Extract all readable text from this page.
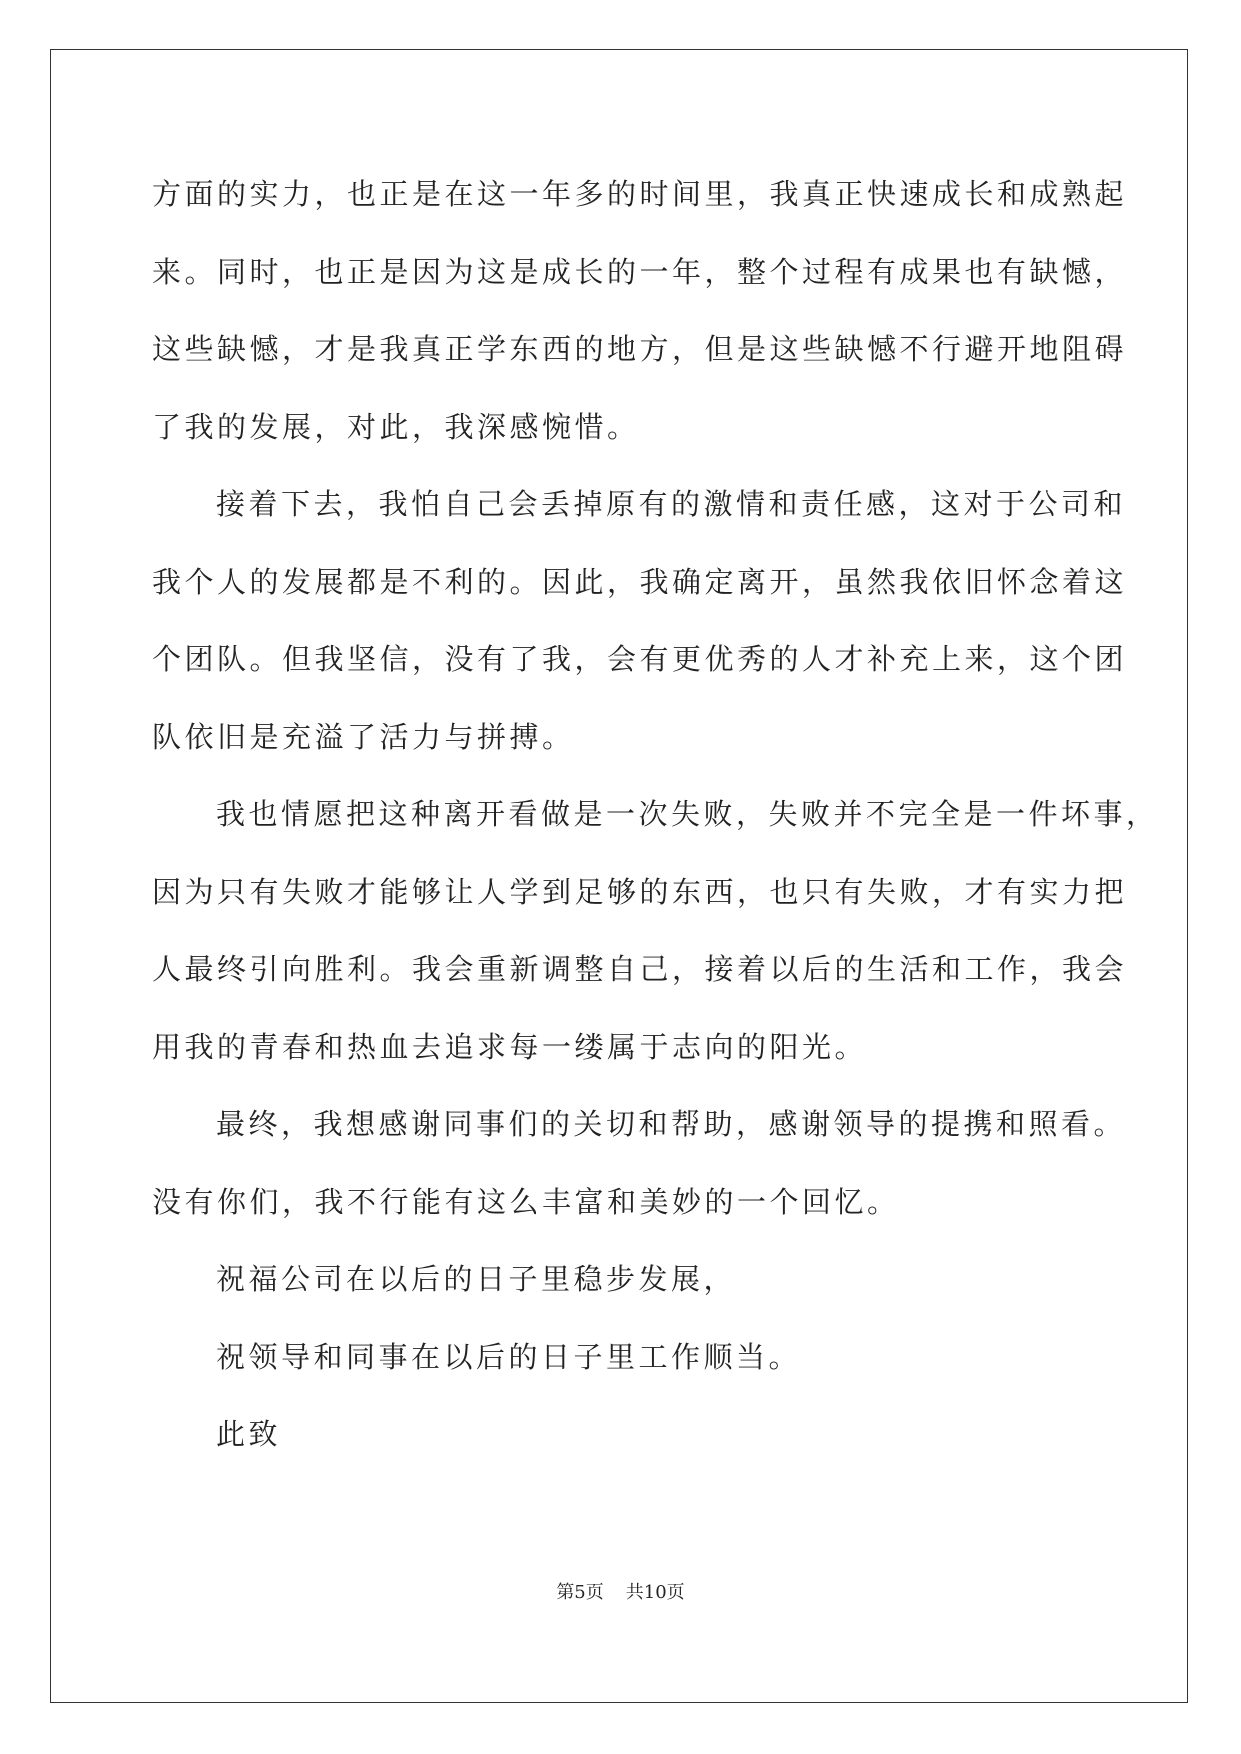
方面的实力，也正是在这一年多的时间里，我真正快速成长和成熟起
来。同时，也正是因为这是成长的一年，整个过程有成果也有缺憾，
这些缺憾，才是我真正学东西的地方，但是这些缺憾不行避开地阻碍
了我的发展，对此，我深感惋惜。
接着下去，我怕自己会丢掉原有的激情和责任感，这对于公司和
我个人的发展都是不利的。因此，我确定离开，虽然我依旧怀念着这
个团队。但我坚信，没有了我，会有更优秀的人才补充上来，这个团
队依旧是充溢了活力与拼搏。
我也情愿把这种离开看做是一次失败，失败并不完全是一件坏事，
因为只有失败才能够让人学到足够的东西，也只有失败，才有实力把
人最终引向胜利。我会重新调整自己，接着以后的生活和工作，我会
用我的青春和热血去追求每一缕属于志向的阳光。
最终，我想感谢同事们的关切和帮助，感谢领导的提携和照看。
没有你们，我不行能有这么丰富和美妙的一个回忆。
祝福公司在以后的日子里稳步发展，
祝领导和同事在以后的日子里工作顺当。
此致
第5页 共10页
